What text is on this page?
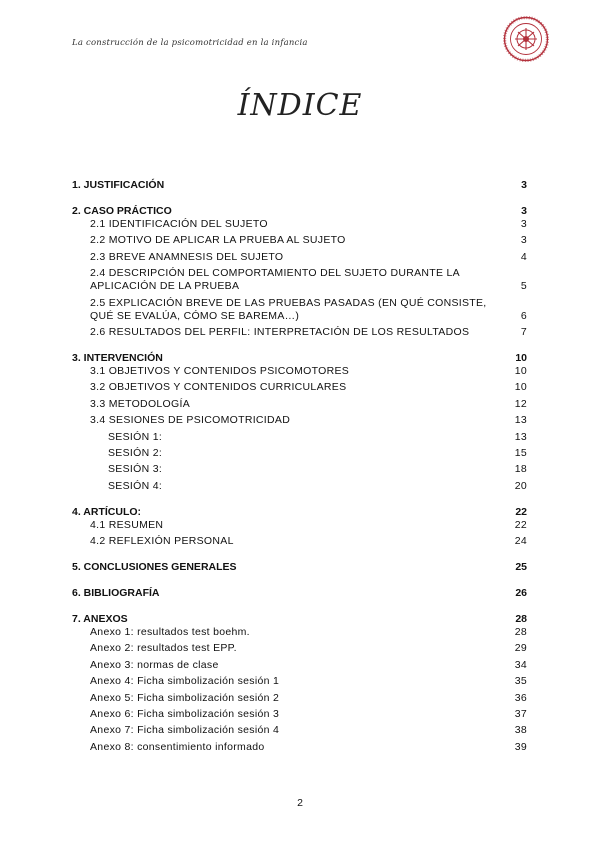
La construcción de la psicomotricidad en la infancia
ÍNDICE
1. JUSTIFICACIÓN	3
2. CASO PRÁCTICO	3
2.1 IDENTIFICACIÓN DEL SUJETO	3
2.2 MOTIVO DE APLICAR LA PRUEBA AL SUJETO	3
2.3 BREVE ANAMNESIS DEL SUJETO	4
2.4 DESCRIPCIÓN DEL COMPORTAMIENTO DEL SUJETO DURANTE LA APLICACIÓN DE LA PRUEBA	5
2.5 EXPLICACIÓN BREVE DE LAS PRUEBAS PASADAS (EN QUÉ CONSISTE, QUÉ SE EVALÚA, CÓMO SE BAREMA…)	6
2.6 RESULTADOS DEL PERFIL: INTERPRETACIÓN DE LOS RESULTADOS	7
3. INTERVENCIÓN	10
3.1 OBJETIVOS Y CONTENIDOS PSICOMOTORES	10
3.2 OBJETIVOS Y CONTENIDOS CURRICULARES	10
3.3 METODOLOGÍA	12
3.4 SESIONES DE PSICOMOTRICIDAD	13
SESIÓN 1:	13
SESIÓN 2:	15
SESIÓN 3:	18
SESIÓN 4:	20
4. ARTÍCULO:	22
4.1 RESUMEN	22
4.2 REFLEXIÓN PERSONAL	24
5. CONCLUSIONES GENERALES	25
6. BIBLIOGRAFÍA	26
7. ANEXOS	28
Anexo 1: resultados test boehm.	28
Anexo 2: resultados test EPP.	29
Anexo 3: normas de clase	34
Anexo 4: Ficha simbolización sesión 1	35
Anexo 5: Ficha simbolización sesión 2	36
Anexo 6: Ficha simbolización sesión 3	37
Anexo 7: Ficha simbolización sesión 4	38
Anexo 8: consentimiento informado	39
2
